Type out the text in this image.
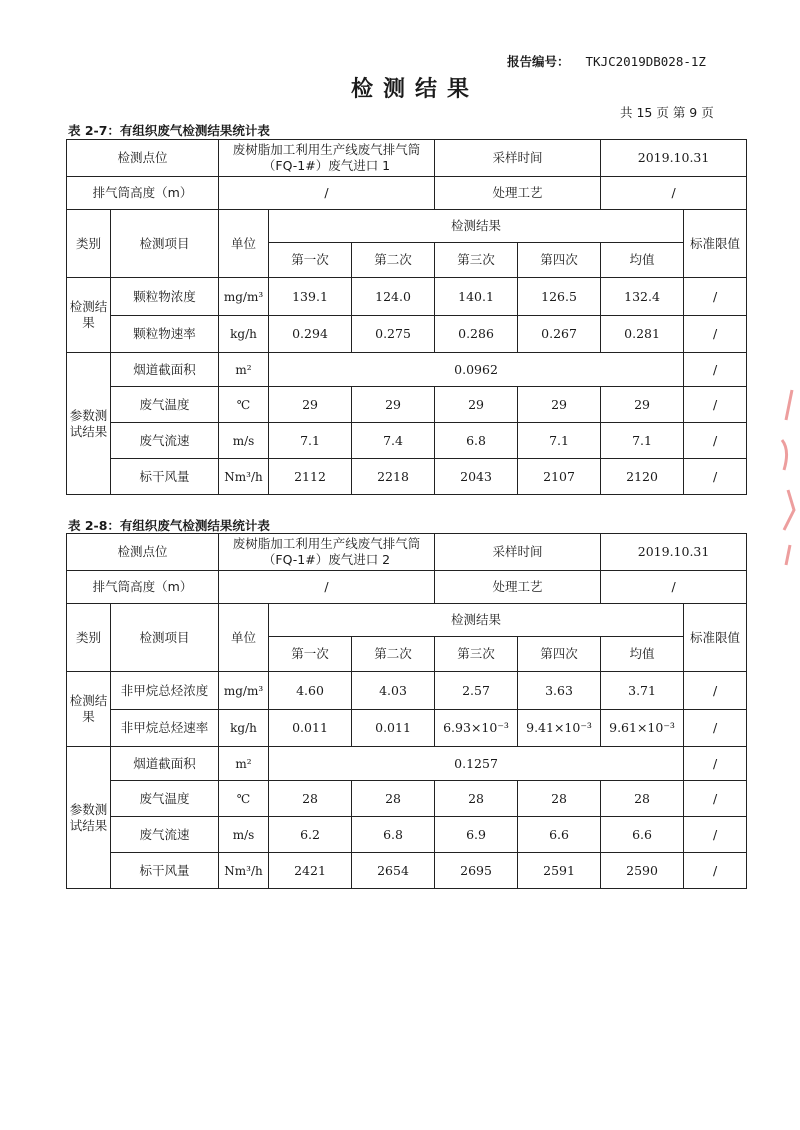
报告编号： TKJC2019DB028-1Z
检测结果
共 15 页 第 9 页
表 2-7：有组织废气检测结果统计表
检测点位		废树脂加工利用生产线废气排气筒（FQ-1#）废气进口 1			采样时间		2019.10.31	
排气筒高度（m）		/			处理工艺		/	
类别	检测项目	单位	检测结果					标准限值
			第一次	第二次	第三次	第四次	均值	
检测结果	颗粒物浓度	mg/m³	139.1	124.0	140.1	126.5	132.4	/
	颗粒物速率	kg/h	0.294	0.275	0.286	0.267	0.281	/
参数测试结果	烟道截面积	m²	0.0962					/
	废气温度	℃	29	29	29	29	29	/
	废气流速	m/s	7.1	7.4	6.8	7.1	7.1	/
	标干风量	Nm³/h	2112	2218	2043	2107	2120	/
表 2-8：有组织废气检测结果统计表
检测点位		废树脂加工利用生产线废气排气筒（FQ-1#）废气进口 2			采样时间		2019.10.31	
排气筒高度（m）		/			处理工艺		/	
类别	检测项目	单位	检测结果					标准限值
			第一次	第二次	第三次	第四次	均值	
检测结果	非甲烷总烃浓度	mg/m³	4.60	4.03	2.57	3.63	3.71	/
	非甲烷总烃速率	kg/h	0.011	0.011	6.93×10⁻³	9.41×10⁻³	9.61×10⁻³	/
参数测试结果	烟道截面积	m²	0.1257					/
	废气温度	℃	28	28	28	28	28	/
	废气流速	m/s	6.2	6.8	6.9	6.6	6.6	/
	标干风量	Nm³/h	2421	2654	2695	2591	2590	/
